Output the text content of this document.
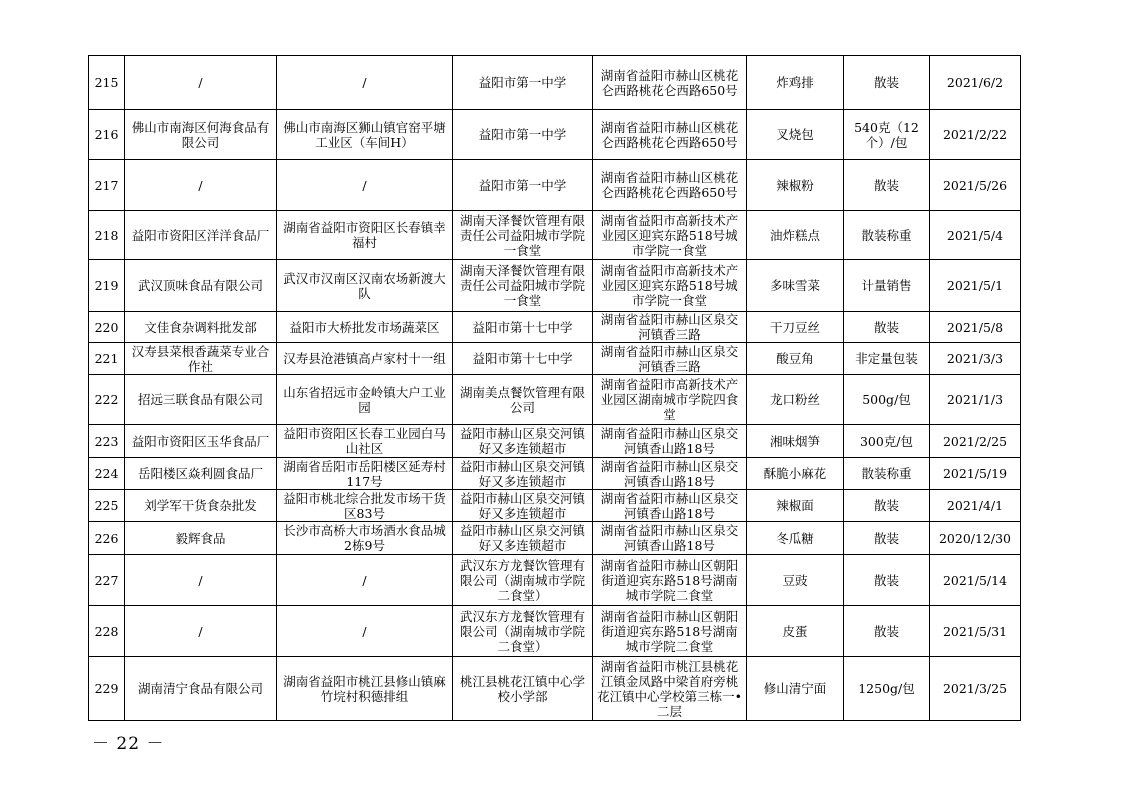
215	/	/	益阳市第一中学	湖南省益阳市赫山区桃花仑西路桃花仑西路650号	炸鸡排	散装	2021/6/2
216	佛山市南海区何海食品有限公司	佛山市南海区狮山镇官窑平塘工业区（车间H）	益阳市第一中学	湖南省益阳市赫山区桃花仑西路桃花仑西路650号	叉烧包	540克（12个）/包	2021/2/22
217	/	/	益阳市第一中学	湖南省益阳市赫山区桃花仑西路桃花仑西路650号	辣椒粉	散装	2021/5/26
218	益阳市资阳区洋洋食品厂	湖南省益阳市资阳区长春镇幸福村	湖南天泽餐饮管理有限责任公司益阳城市学院一食堂	湖南省益阳市高新技术产业园区迎宾东路518号城市学院一食堂	油炸糕点	散装称重	2021/5/4
219	武汉顶味食品有限公司	武汉市汉南区汉南农场新渡大队	湖南天泽餐饮管理有限责任公司益阳城市学院一食堂	湖南省益阳市高新技术产业园区迎宾东路518号城市学院一食堂	多味雪菜	计量销售	2021/5/1
220	文佳食杂调料批发部	益阳市大桥批发市场蔬菜区	益阳市第十七中学	湖南省益阳市赫山区泉交河镇香三路	干刀豆丝	散装	2021/5/8
221	汉寿县菜根香蔬菜专业合作社	汉寿县沧港镇高卢家村十一组	益阳市第十七中学	湖南省益阳市赫山区泉交河镇香三路	酸豆角	非定量包装	2021/3/3
222	招远三联食品有限公司	山东省招远市金岭镇大户工业园	湖南美点餐饮管理有限公司	湖南省益阳市高新技术产业园区湖南城市学院四食堂	龙口粉丝	500g/包	2021/1/3
223	益阳市资阳区玉华食品厂	益阳市资阳区长春工业园白马山社区	益阳市赫山区泉交河镇好又多连锁超市	湖南省益阳市赫山区泉交河镇香山路18号	湘味烟笋	300克/包	2021/2/25
224	岳阳楼区焱利圆食品厂	湖南省岳阳市岳阳楼区延寿村117号	益阳市赫山区泉交河镇好又多连锁超市	湖南省益阳市赫山区泉交河镇香山路18号	酥脆小麻花	散装称重	2021/5/19
225	刘学军干货食杂批发	益阳市桃北综合批发市场干货区83号	益阳市赫山区泉交河镇好又多连锁超市	湖南省益阳市赫山区泉交河镇香山路18号	辣椒面	散装	2021/4/1
226	毅辉食品	长沙市高桥大市场酒水食品城2栋9号	益阳市赫山区泉交河镇好又多连锁超市	湖南省益阳市赫山区泉交河镇香山路18号	冬瓜糖	散装	2020/12/30
227	/	/	武汉东方龙餐饮管理有限公司（湖南城市学院二食堂）	湖南省益阳市赫山区朝阳街道迎宾东路518号湖南城市学院二食堂	豆豉	散装	2021/5/14
228	/	/	武汉东方龙餐饮管理有限公司（湖南城市学院二食堂）	湖南省益阳市赫山区朝阳街道迎宾东路518号湖南城市学院二食堂	皮蛋	散装	2021/5/31
229	湖南清宁食品有限公司	湖南省益阳市桃江县修山镇麻竹垸村积德排组	桃江县桃花江镇中心学校小学部	湖南省益阳市桃江县桃花江镇金凤路中梁首府旁桃花江镇中心学校第三栋一•二层	修山清宁面	1250g/包	2021/3/25
－ 22 －
